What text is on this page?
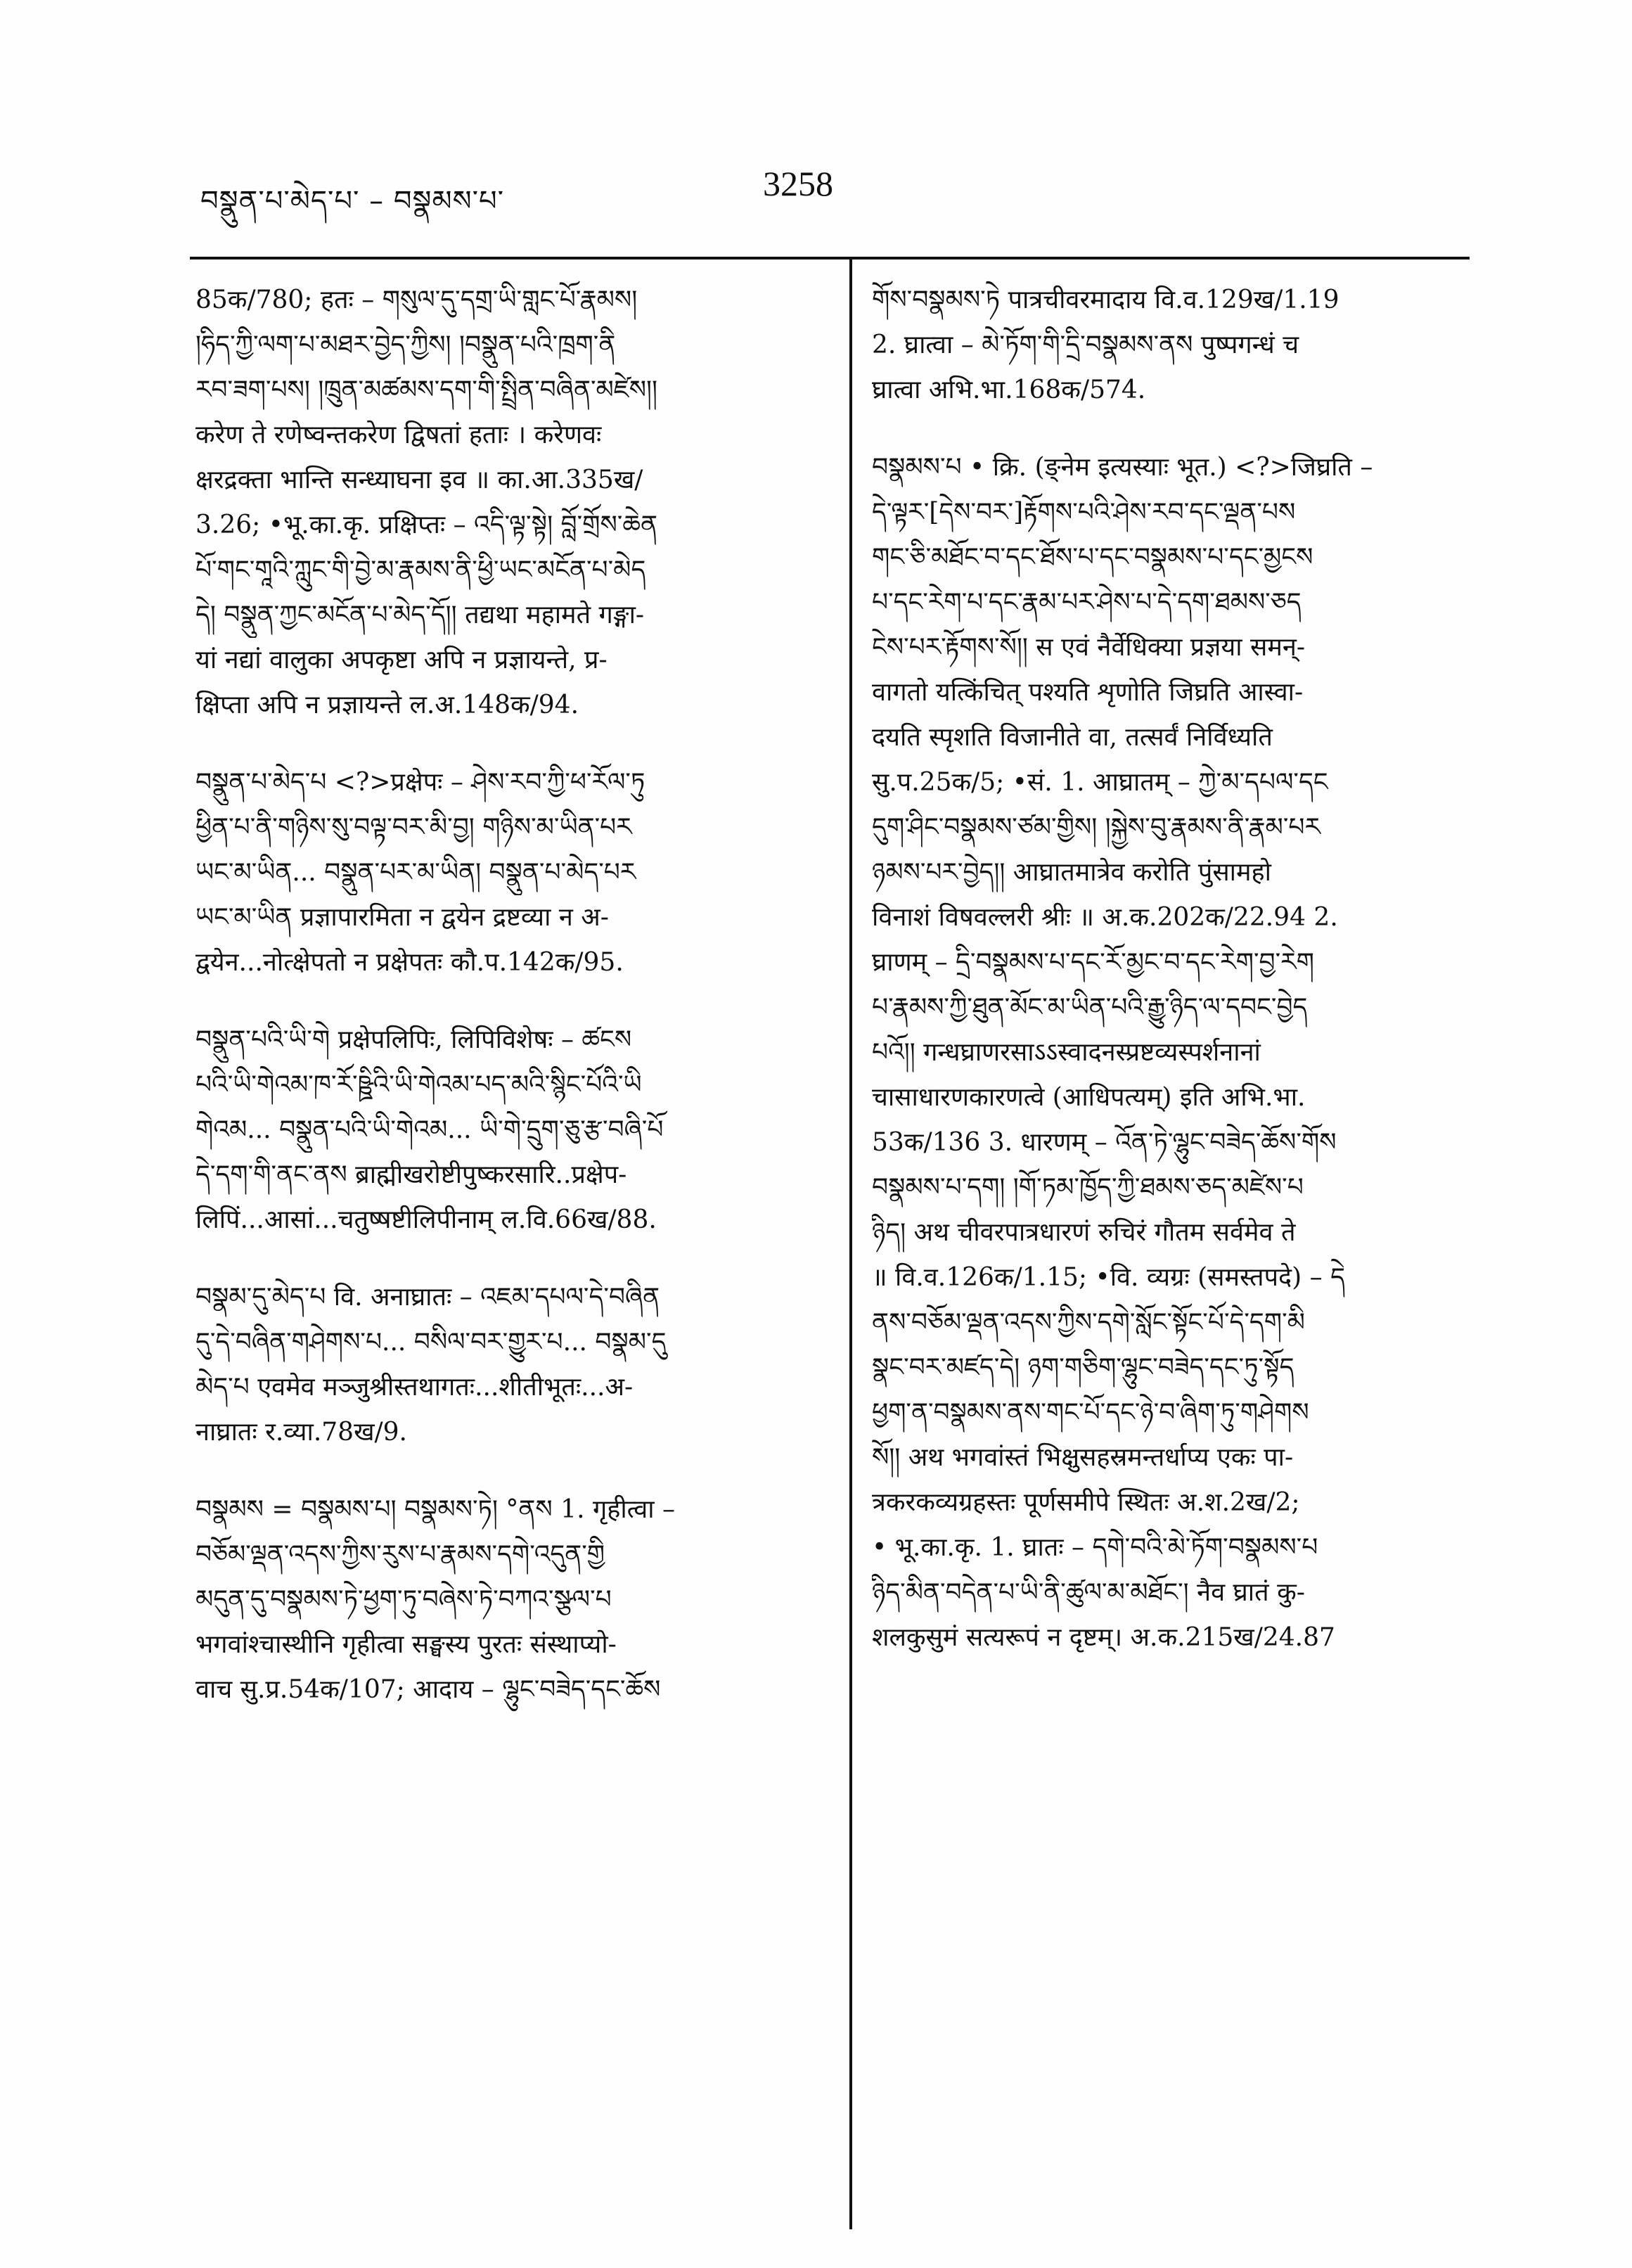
བསྣུན་པ་མེད་པ་ – བསྣམས་པ་	3258
85क/780; हतः – གསུལ་དུ་དགྲ་ཡི་གླང་པོ་རྣམས།
།ཧིད་ཀྱི་ལག་པ་མཐར་བྱེད་ཀྱིས། །བསྣུན་པའི་ཁྲག་ནི
རབ་ཟག་པས། །ཁྲུན་མཚམས་དག་གི་སྤྲིན་བཞིན་མཛེས།།
करेण ते रणेष्वन्तकरेण द्विषतां हताः । करेणवः
क्षरद्रक्ता भान्ति सन्ध्याघना इव ॥ का.आ.335ख/
3.26; •भू.का.कृ. प्रक्षिप्तः – འདི་ལྟ་སྟེ། བློ་གྲོས་ཆེན
པོ་གང་གཱའི་ཀླུང་གི་བྱེ་མ་རྣམས་ནི་ཕྱི་ཡང་མངོན་པ་མེད
དེ། བསྣུན་ཀྱང་མངོན་པ་མེད་དོ།། तद्यथा महामते गङ्गा-
यां नद्यां वालुका अपकृष्टा अपि न प्रज्ञायन्ते, प्र-
क्षिप्ता अपि न प्रज्ञायन्ते ल.अ.148क/94.
བསྣུན་པ་མེད་པ <?>प्रक्षेपः – ཤེས་རབ་ཀྱི་ཕ་རོལ་ཏུ
ཕྱིན་པ་ནི་གཉིས་སུ་བལྟ་བར་མི་བྱ། གཉིས་མ་ཡིན་པར
ཡང་མ་ཡིན... བསྣུན་པར་མ་ཡིན། བསྣུན་པ་མེད་པར
ཡང་མ་ཡིན प्रज्ञापारमिता न द्वयेन द्रष्टव्या न अ-
द्वयेन...नोत्क्षेपतो न प्रक्षेपतः कौ.प.142क/95.
བསྣུན་པའི་ཡི་གེ प्रक्षेपलिपिः, लिपिविशेषः – ཚངས
པའི་ཡི་གེའམ་ཁ་རོ་ཥྛིའི་ཡི་གེའམ་པད་མའི་སྙིང་པོའི་ཡི
གེའམ... བསྣུན་པའི་ཡི་གེའམ... ཡི་གེ་དྲུག་ཅུ་རྩ་བཞི་པོ
དེ་དག་གི་ནང་ནས ब्राह्मीखरोष्टीपुष्करसारि..प्रक्षेप-
लिपिं...आसां...चतुष्षष्टीलिपीनाम् ल.वि.66ख/88.
བསྣམ་དུ་མེད་པ वि. अनाघ्रातः – འཇམ་དཔལ་དེ་བཞིན
དུ་དེ་བཞིན་གཤེགས་པ... བསིལ་བར་གྱུར་པ... བསྣམ་དུ
མེད་པ एवमेव मञ्जुश्रीस्तथागतः...शीतीभूतः...अ-
नाघ्रातः र.व्या.78ख/9.
བསྣམས = བསྣམས་པ། བསྣམས་ཏེ། °ནས 1. गृहीत्वा –
བཅོམ་ལྡན་འདས་ཀྱིས་རུས་པ་རྣམས་དགེ་འདུན་གྱི
མདུན་དུ་བསྣམས་ཏེ་ཕྱག་ཏུ་བཞེས་ཏེ་བཀའ་སྩལ་པ
भगवांश्चास्थीनि गृहीत्वा सङ्घस्य पुरतः संस्थाप्यो-
वाच सु.प्र.54क/107; आदाय – ལྷུང་བཟེད་དང་ཆོས
གོས་བསྣམས་ཏེ पात्रचीवरमादाय वि.व.129ख/1.19
2. घ्रात्वा – མེ་ཏོག་གི་དྲི་བསྣམས་ནས पुष्पगन्धं च
घ्रात्वा अभि.भा.168क/574.
བསྣམས་པ • क्रि. (ङ्नेम इत्यस्याः भूत.) <?>जिघ्रति –
དེ་ལྟར་[དེས་བར་]རྟོགས་པའི་ཤེས་རབ་དང་ལྡན་པས
གང་ཅི་མཐོང་བ་དང་ཐོས་པ་དང་བསྣམས་པ་དང་མྱངས
པ་དང་རེག་པ་དང་རྣམ་པར་ཤེས་པ་དེ་དག་ཐམས་ཅད
ངེས་པར་རྟོགས་སོ།། स एवं नैर्वेधिक्या प्रज्ञया समन्-
वागतो यत्किंचित् पश्यति शृणोति जिघ्रति आस्वा-
दयति स्पृशति विजानीते वा, तत्सर्वं निर्विध्यति
सु.प.25क/5; •सं. 1. आघ्रातम् – ཀྱེ་མ་དཔལ་དང
དུག་ཤིང་བསྣམས་ཙམ་གྱིས། །སྐྱེས་བུ་རྣམས་ནི་རྣམ་པར
ཉམས་པར་བྱེད།། आघ्रातमात्रेव करोति पुंसामहो
विनाशं विषवल्लरी श्रीः ॥ अ.क.202क/22.94 2.
घ्राणम् – དྲི་བསྣམས་པ་དང་རོ་མྱང་བ་དང་རེག་བྱ་རེག
པ་རྣམས་ཀྱི་ཐུན་མོང་མ་ཡིན་པའི་རྒྱུ་ཉིད་ལ་དབང་བྱེད
པའོ།། गन्धघ्राणरसाऽऽस्वादनस्प्रष्टव्यस्पर्शनानां
चासाधारणकारणत्वे (आधिपत्यम्) इति अभि.भा.
53क/136 3. धारणम् – འོན་ཏེ་ལྷུང་བཟེད་ཆོས་གོས
བསྣམས་པ་དག། །གོ་ཏམ་ཁྱོད་ཀྱི་ཐམས་ཅད་མཛེས་པ
ཉིད། अथ चीवरपात्रधारणं रुचिरं गौतम सर्वमेव ते
॥ वि.व.126क/1.15; •वि. व्यग्रः (समस्तपदे) – དེ
ནས་བཅོམ་ལྡན་འདས་ཀྱིས་དགེ་སློང་སྟོང་པོ་དེ་དག་མི
སྣང་བར་མཛད་དེ། ཉག་གཅིག་ལྷུང་བཟེད་དང་ཏུ་སྟོད
ཕྱག་ན་བསྣམས་ནས་གང་པོ་དང་ཉེ་བ་ཞིག་ཏུ་གཤེགས
སོ།། अथ भगवांस्तं भिक्षुसहस्रमन्तर्धाप्य एकः पा-
त्रकरकव्यग्रहस्तः पूर्णसमीपे स्थितः अ.श.2ख/2;
• भू.का.कृ. 1. घ्रातः – དགེ་བའི་མེ་ཏོག་བསྣམས་པ
ཉིད་མིན་བདེན་པ་ཡི་ནི་ཚུལ་མ་མཐོང་། नैव घ्रातं कु-
शलकुसुमं सत्यरूपं न दृष्टम्। अ.क.215ख/24.87
